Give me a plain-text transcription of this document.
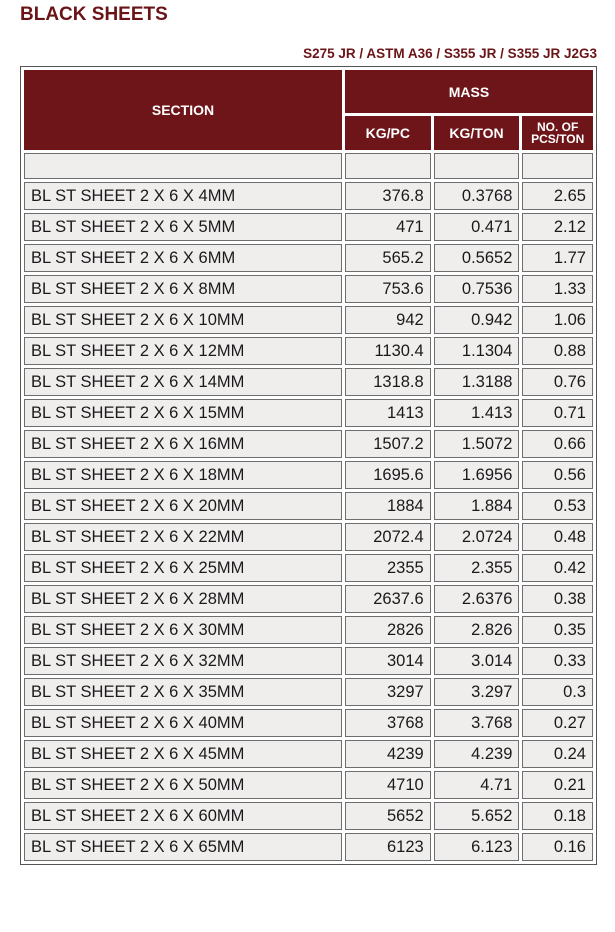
BLACK SHEETS
S275 JR / ASTM A36 / S355 JR / S355 JR J2G3
SECTION	MASS		
	KG/PC	KG/TON	NO. OF
PCS/TON

BL ST SHEET 2 X 6 X 4MM	376.8	0.3768	2.65
BL ST SHEET 2 X 6 X 5MM	471	0.471	2.12
BL ST SHEET 2 X 6 X 6MM	565.2	0.5652	1.77
BL ST SHEET 2 X 6 X 8MM	753.6	0.7536	1.33
BL ST SHEET 2 X 6 X 10MM	942	0.942	1.06
BL ST SHEET 2 X 6 X 12MM	1130.4	1.1304	0.88
BL ST SHEET 2 X 6 X 14MM	1318.8	1.3188	0.76
BL ST SHEET 2 X 6 X 15MM	1413	1.413	0.71
BL ST SHEET 2 X 6 X 16MM	1507.2	1.5072	0.66
BL ST SHEET 2 X 6 X 18MM	1695.6	1.6956	0.56
BL ST SHEET 2 X 6 X 20MM	1884	1.884	0.53
BL ST SHEET 2 X 6 X 22MM	2072.4	2.0724	0.48
BL ST SHEET 2 X 6 X 25MM	2355	2.355	0.42
BL ST SHEET 2 X 6 X 28MM	2637.6	2.6376	0.38
BL ST SHEET 2 X 6 X 30MM	2826	2.826	0.35
BL ST SHEET 2 X 6 X 32MM	3014	3.014	0.33
BL ST SHEET 2 X 6 X 35MM	3297	3.297	0.3
BL ST SHEET 2 X 6 X 40MM	3768	3.768	0.27
BL ST SHEET 2 X 6 X 45MM	4239	4.239	0.24
BL ST SHEET 2 X 6 X 50MM	4710	4.71	0.21
BL ST SHEET 2 X 6 X 60MM	5652	5.652	0.18
BL ST SHEET 2 X 6 X 65MM	6123	6.123	0.16
